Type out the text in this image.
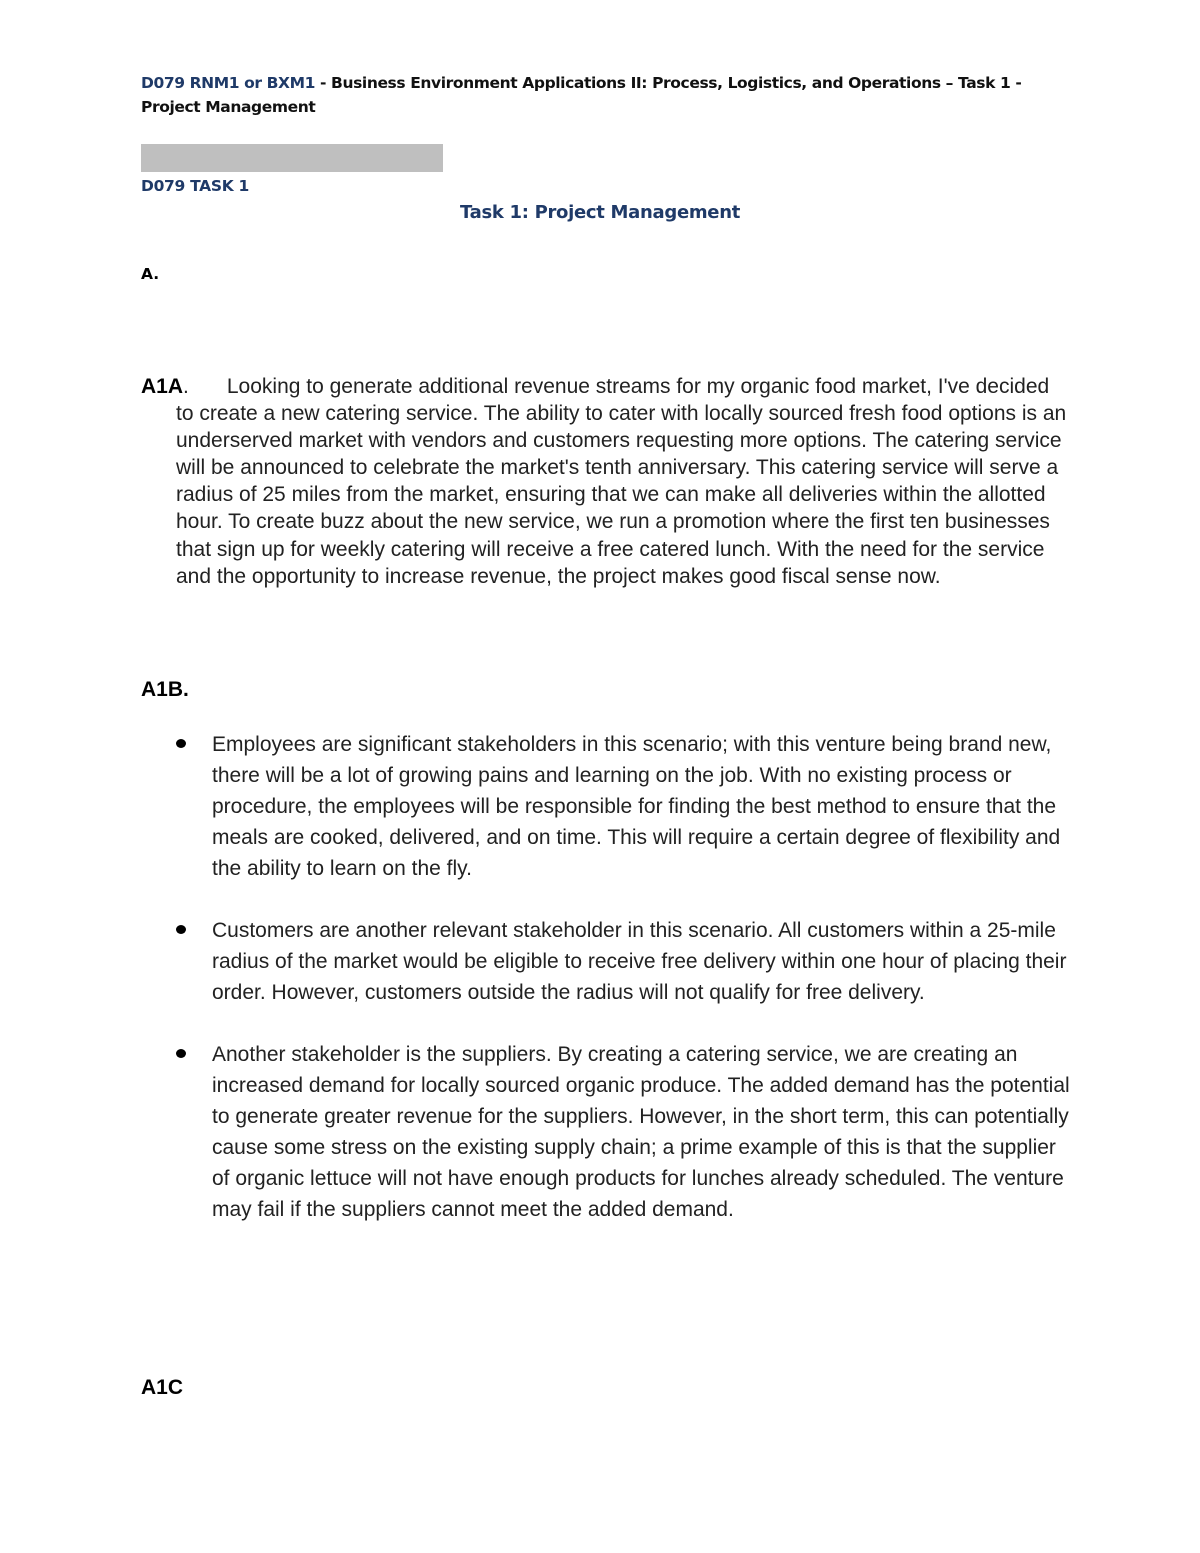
D079 RNM1 or BXM1 - Business Environment Applications II: Process, Logistics, and Operations – Task 1 - Project Management
D079 TASK 1
Task 1: Project Management
A.
A1A. Looking to generate additional revenue streams for my organic food market, I've decided to create a new catering service. The ability to cater with locally sourced fresh food options is an underserved market with vendors and customers requesting more options. The catering service will be announced to celebrate the market's tenth anniversary. This catering service will serve a radius of 25 miles from the market, ensuring that we can make all deliveries within the allotted hour. To create buzz about the new service, we run a promotion where the first ten businesses that sign up for weekly catering will receive a free catered lunch. With the need for the service and the opportunity to increase revenue, the project makes good fiscal sense now.
A1B.
Employees are significant stakeholders in this scenario; with this venture being brand new, there will be a lot of growing pains and learning on the job. With no existing process or procedure, the employees will be responsible for finding the best method to ensure that the meals are cooked, delivered, and on time. This will require a certain degree of flexibility and the ability to learn on the fly.
Customers are another relevant stakeholder in this scenario. All customers within a 25-mile radius of the market would be eligible to receive free delivery within one hour of placing their order. However, customers outside the radius will not qualify for free delivery.
Another stakeholder is the suppliers. By creating a catering service, we are creating an increased demand for locally sourced organic produce. The added demand has the potential to generate greater revenue for the suppliers. However, in the short term, this can potentially cause some stress on the existing supply chain; a prime example of this is that the supplier of organic lettuce will not have enough products for lunches already scheduled. The venture may fail if the suppliers cannot meet the added demand.
A1C
